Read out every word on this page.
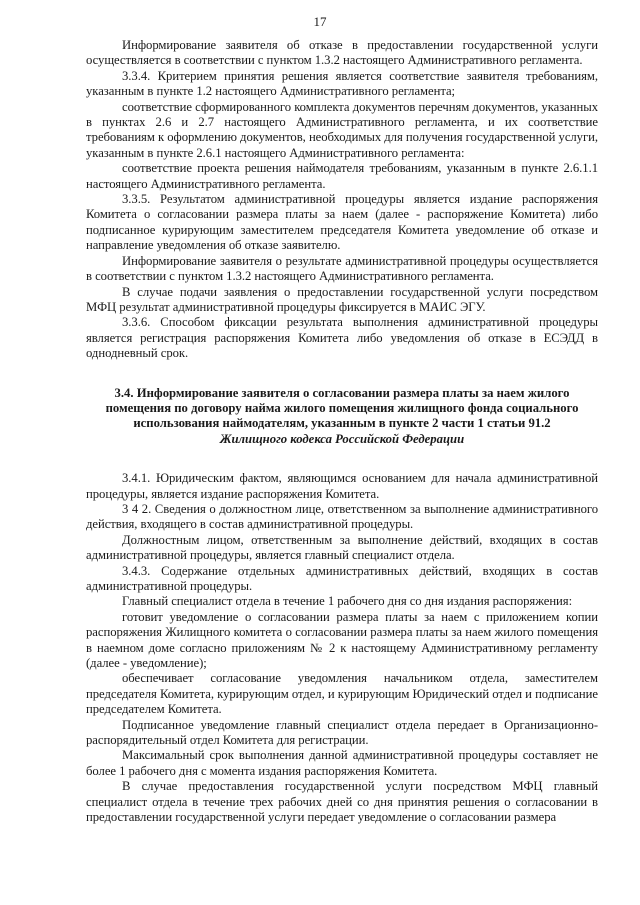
17

Информирование заявителя об отказе в предоставлении государственной услуги осуществляется в соответствии с пунктом 1.3.2 настоящего Административного регламента.

3.3.4. Критерием принятия решения является соответствие заявителя требованиям, указанным в пункте 1.2 настоящего Административного регламента;

соответствие сформированного комплекта документов перечням документов, указанных в пунктах 2.6 и 2.7 настоящего Административного регламента, и их соответствие требованиям к оформлению документов, необходимых для получения государственной услуги, указанным в пункте 2.6.1 настоящего Административного регламента:

соответствие проекта решения наймодателя требованиям, указанным в пункте 2.6.1.1 настоящего Административного регламента.

3.3.5. Результатом административной процедуры является издание распоряжения Комитета о согласовании размера платы за наем (далее - распоряжение Комитета) либо подписанное курирующим заместителем председателя Комитета уведомление об отказе и направление уведомления об отказе заявителю.

Информирование заявителя о результате административной процедуры осуществляется в соответствии с пунктом 1.3.2 настоящего Административного регламента.

В случае подачи заявления о предоставлении государственной услуги посредством МФЦ результат административной процедуры фиксируется в МАИС ЭГУ.

3.3.6. Способом фиксации результата выполнения административной процедуры является регистрация распоряжения Комитета либо уведомления об отказе в ЕСЭДД в однодневный срок.

3.4. Информирование заявителя о согласовании размера платы за наем жилого помещения по договору найма жилого помещения жилищного фонда социального использования наймодателям, указанным в пункте 2 части 1 статьи 91.2
Жилищного кодекса Российской Федерации

3.4.1. Юридическим фактом, являющимся основанием для начала административной процедуры, является издание распоряжения Комитета.

3 4 2. Сведения о должностном лице, ответственном за выполнение административного действия, входящего в состав административной процедуры.

Должностным лицом, ответственным за выполнение действий, входящих в состав административной процедуры, является главный специалист отдела.

3.4.3. Содержание отдельных административных действий, входящих в состав административной процедуры.

Главный специалист отдела в течение 1 рабочего дня со дня издания распоряжения:

готовит уведомление о согласовании размера платы за наем с приложением копии распоряжения Жилищного комитета о согласовании размера платы за наем жилого помещения в наемном доме согласно приложениям № 2 к настоящему Административному регламенту (далее - уведомление);

обеспечивает согласование уведомления начальником отдела, заместителем председателя Комитета, курирующим отдел, и курирующим Юридический отдел и подписание председателем Комитета.

Подписанное уведомление главный специалист отдела передает в Организационно-распорядительный отдел Комитета для регистрации.

Максимальный срок выполнения данной административной процедуры составляет не более 1 рабочего дня с момента издания распоряжения Комитета.

В случае предоставления государственной услуги посредством МФЦ главный специалист отдела в течение трех рабочих дней со дня принятия решения о согласовании в предоставлении государственной услуги передает уведомление о согласовании размера
